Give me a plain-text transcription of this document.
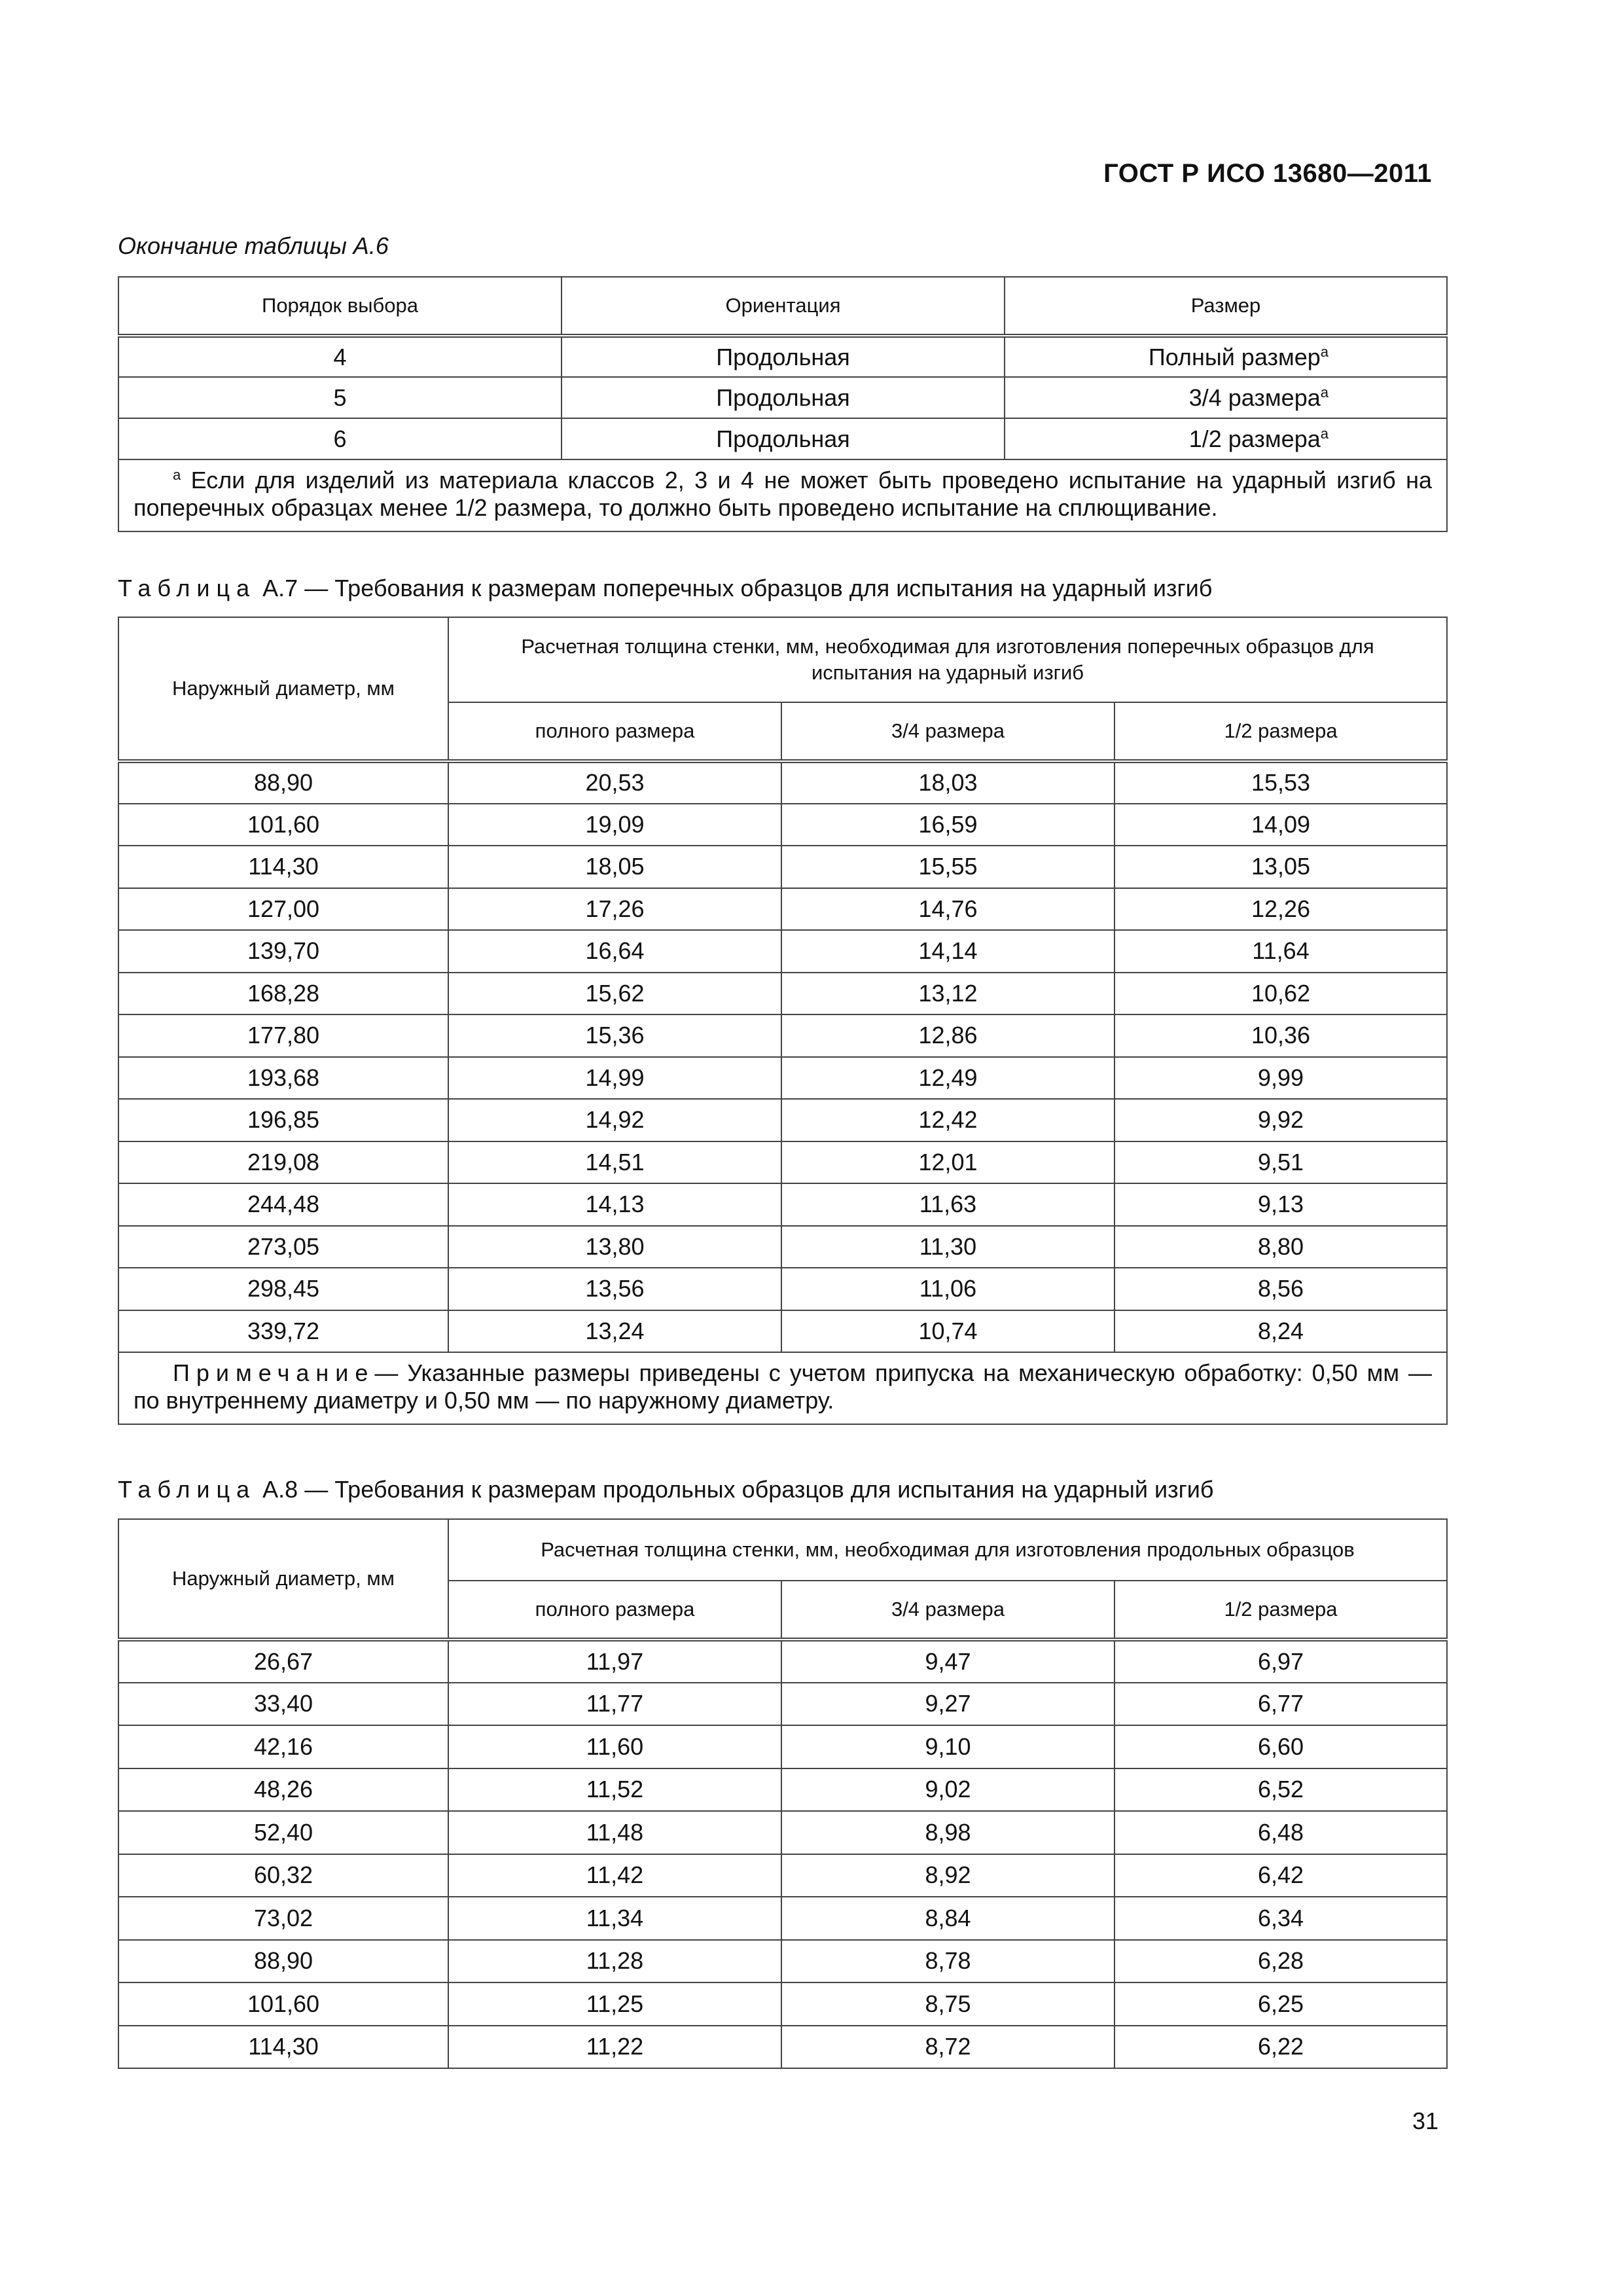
ГОСТ Р ИСО 13680—2011
Окончание таблицы А.6
Порядок выбора	Ориентация	Размер
4	Продольная	Полный размер$^a$
5	Продольная	3/4 размера$^a$
6	Продольная	1/2 размера$^a$
$^a$ Если для изделий из материала классов 2, 3 и 4 не может быть проведено испытание на ударный изгиб на поперечных образцах менее 1/2 размера, то должно быть проведено испытание на сплющивание.		
Таблица А.7 — Требования к размерам поперечных образцов для испытания на ударный изгиб
Наружный диаметр, мм	Расчетная толщина стенки, мм, необходимая для изготовления поперечных образцов для испытания на ударный изгиб		
	полного размера	3/4 размера	1/2 размера
88,90	20,53	18,03	15,53
101,60	19,09	16,59	14,09
114,30	18,05	15,55	13,05
127,00	17,26	14,76	12,26
139,70	16,64	14,14	11,64
168,28	15,62	13,12	10,62
177,80	15,36	12,86	10,36
193,68	14,99	12,49	9,99
196,85	14,92	12,42	9,92
219,08	14,51	12,01	9,51
244,48	14,13	11,63	9,13
273,05	13,80	11,30	8,80
298,45	13,56	11,06	8,56
339,72	13,24	10,74	8,24
Примечание— Указанные размеры приведены с учетом припуска на механическую обработку: 0,50 мм — по внутреннему диаметру и 0,50 мм — по наружному диаметру.			
Таблица А.8 — Требования к размерам продольных образцов для испытания на ударный изгиб
Наружный диаметр, мм	Расчетная толщина стенки, мм, необходимая для изготовления продольных образцов		
	полного размера	3/4 размера	1/2 размера
26,67	11,97	9,47	6,97
33,40	11,77	9,27	6,77
42,16	11,60	9,10	6,60
48,26	11,52	9,02	6,52
52,40	11,48	8,98	6,48
60,32	11,42	8,92	6,42
73,02	11,34	8,84	6,34
88,90	11,28	8,78	6,28
101,60	11,25	8,75	6,25
114,30	11,22	8,72	6,22
31
